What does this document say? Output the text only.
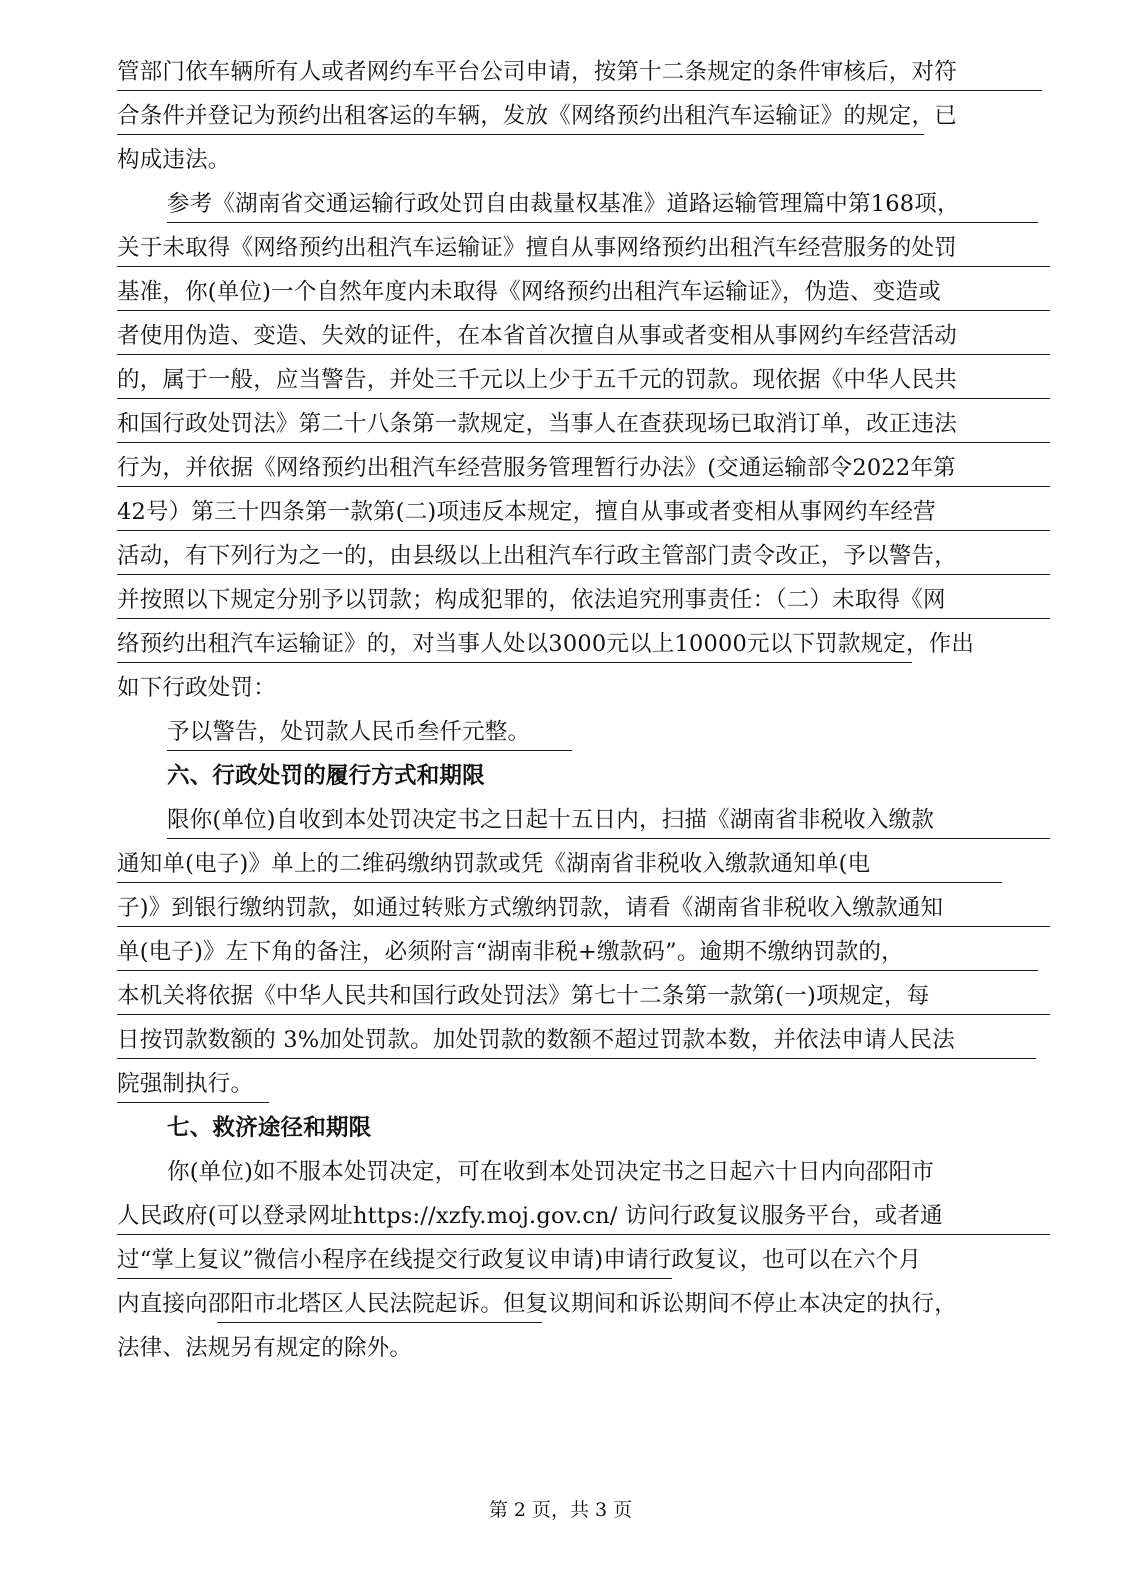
管部门依车辆所有人或者网约车平台公司申请，按第十二条规定的条件审核后，对符
合条件并登记为预约出租客运的车辆，发放《网络预约出租汽车运输证》的规定，已
构成违法。
参考《湖南省交通运输行政处罚自由裁量权基准》道路运输管理篇中第168项，
关于未取得《网络预约出租汽车运输证》擅自从事网络预约出租汽车经营服务的处罚
基准，你(单位)一个自然年度内未取得《网络预约出租汽车运输证》，伪造、变造或
者使用伪造、变造、失效的证件，在本省首次擅自从事或者变相从事网约车经营活动
的，属于一般，应当警告，并处三千元以上少于五千元的罚款。现依据《中华人民共
和国行政处罚法》第二十八条第一款规定，当事人在查获现场已取消订单，改正违法
行为，并依据《网络预约出租汽车经营服务管理暂行办法》(交通运输部令2022年第
42号）第三十四条第一款第(二)项违反本规定，擅自从事或者变相从事网约车经营
活动，有下列行为之一的，由县级以上出租汽车行政主管部门责令改正，予以警告，
并按照以下规定分别予以罚款；构成犯罪的，依法追究刑事责任：（二）未取得《网
络预约出租汽车运输证》的，对当事人处以3000元以上10000元以下罚款规定，作出
如下行政处罚：
予以警告，处罚款人民币叁仟元整。
六、行政处罚的履行方式和期限
限你(单位)自收到本处罚决定书之日起十五日内，扫描《湖南省非税收入缴款
通知单(电子)》单上的二维码缴纳罚款或凭《湖南省非税收入缴款通知单(电
子)》到银行缴纳罚款，如通过转账方式缴纳罚款，请看《湖南省非税收入缴款通知
单(电子)》左下角的备注，必须附言“湖南非税+缴款码”。逾期不缴纳罚款的，
本机关将依据《中华人民共和国行政处罚法》第七十二条第一款第(一)项规定，每
日按罚款数额的 3%加处罚款。加处罚款的数额不超过罚款本数，并依法申请人民法
院强制执行。
七、救济途径和期限
你(单位)如不服本处罚决定，可在收到本处罚决定书之日起六十日内向邵阳市
人民政府(可以登录网址https://xzfy.moj.gov.cn/ 访问行政复议服务平台，或者通
过“掌上复议”微信小程序在线提交行政复议申请)申请行政复议，也可以在六个月
内直接向邵阳市北塔区人民法院起诉。但复议期间和诉讼期间不停止本决定的执行，
法律、法规另有规定的除外。
第 2 页，共 3 页
